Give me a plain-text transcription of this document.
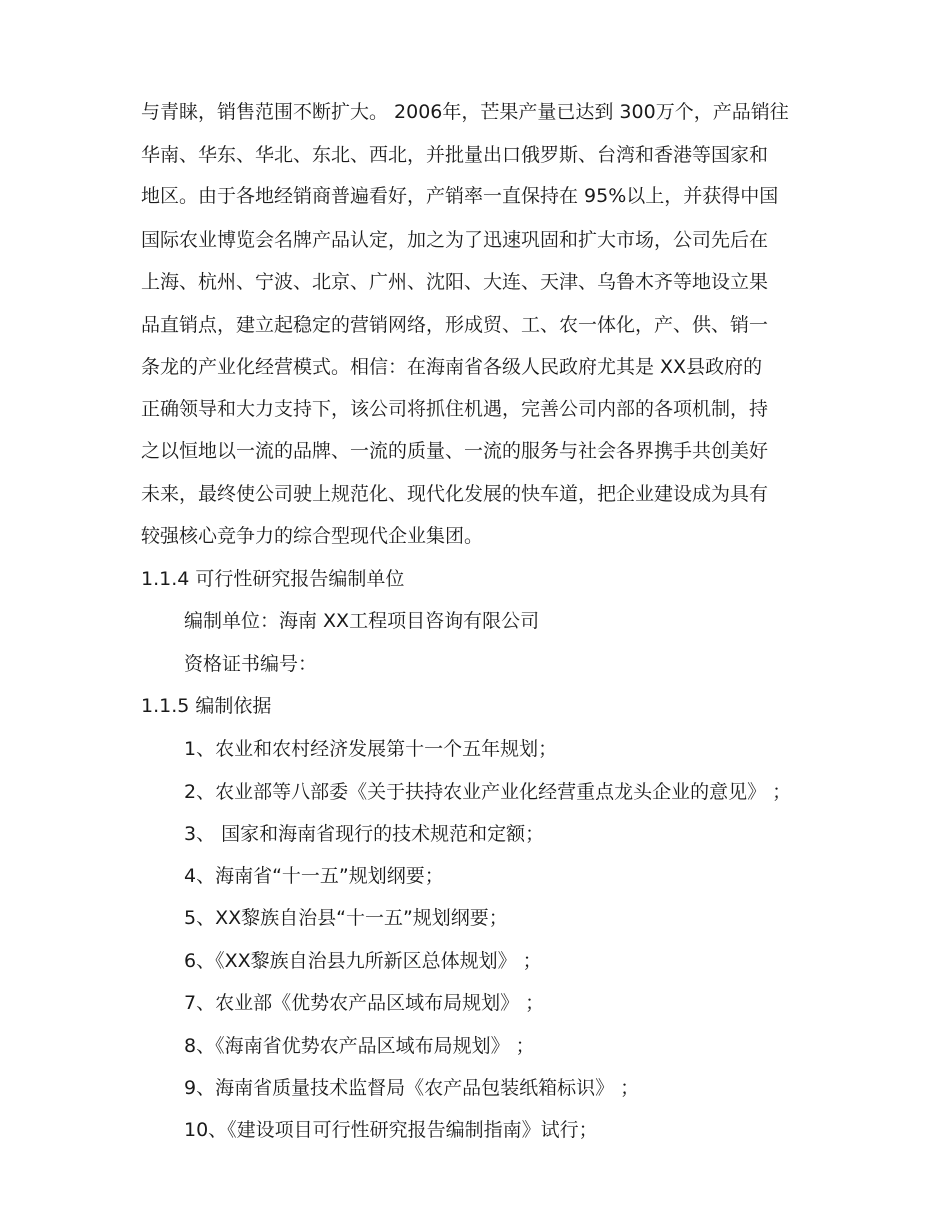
与青睐，销售范围不断扩大。 2006年，芒果产量已达到 300万个，产品销往
华南、华东、华北、东北、西北，并批量出口俄罗斯、台湾和香港等国家和
地区。由于各地经销商普遍看好，产销率一直保持在 95%以上，并获得中国
国际农业博览会名牌产品认定，加之为了迅速巩固和扩大市场，公司先后在
上海、杭州、宁波、北京、广州、沈阳、大连、天津、乌鲁木齐等地设立果
品直销点，建立起稳定的营销网络，形成贸、工、农一体化，产、供、销一
条龙的产业化经营模式。相信：在海南省各级人民政府尤其是 XX县政府的
正确领导和大力支持下，该公司将抓住机遇，完善公司内部的各项机制，持
之以恒地以一流的品牌、一流的质量、一流的服务与社会各界携手共创美好
未来，最终使公司驶上规范化、现代化发展的快车道，把企业建设成为具有
较强核心竞争力的综合型现代企业集团。
1.1.4 可行性研究报告编制单位
编制单位：海南 XX工程项目咨询有限公司
资格证书编号：
1.1.5 编制依据
1、农业和农村经济发展第十一个五年规划；
2、农业部等八部委《关于扶持农业产业化经营重点龙头企业的意见》 ；
3、 国家和海南省现行的技术规范和定额；
4、海南省“十一五”规划纲要；
5、XX黎族自治县“十一五”规划纲要；
6、《XX黎族自治县九所新区总体规划》 ；
7、农业部《优势农产品区域布局规划》 ；
8、《海南省优势农产品区域布局规划》 ；
9、海南省质量技术监督局《农产品包装纸箱标识》 ；
10、《建设项目可行性研究报告编制指南》试行；
